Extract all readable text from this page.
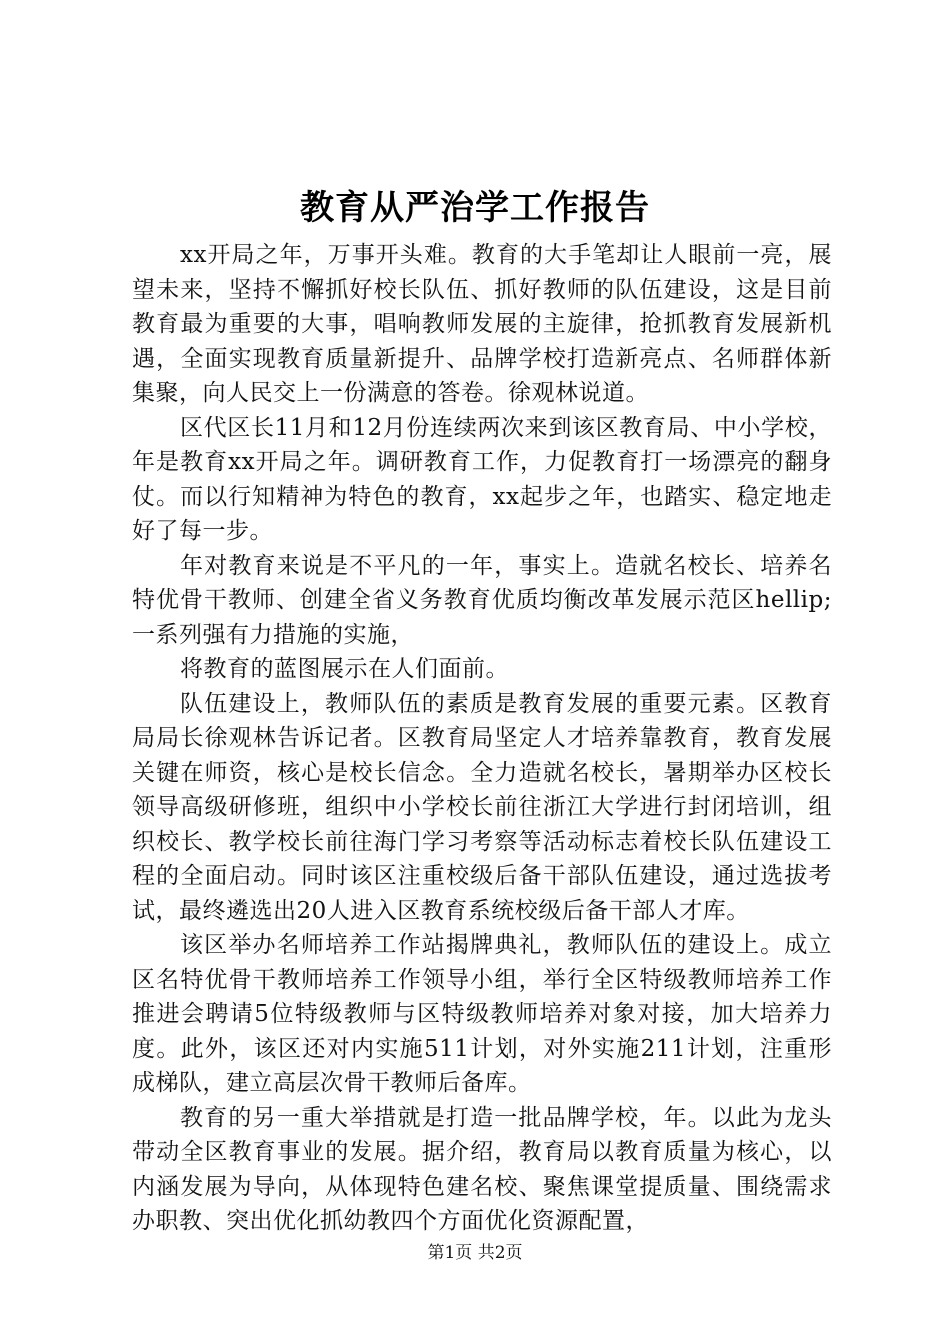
教育从严治学工作报告

xx开局之年，万事开头难。教育的大手笔却让人眼前一亮，展望未来，坚持不懈抓好校长队伍、抓好教师的队伍建设，这是目前教育最为重要的大事，唱响教师发展的主旋律，抢抓教育发展新机遇，全面实现教育质量新提升、品牌学校打造新亮点、名师群体新集聚，向人民交上一份满意的答卷。徐观林说道。

区代区长11月和12月份连续两次来到该区教育局、中小学校，年是教育xx开局之年。调研教育工作，力促教育打一场漂亮的翻身仗。而以行知精神为特色的教育，xx起步之年，也踏实、稳定地走好了每一步。

年对教育来说是不平凡的一年，事实上。造就名校长、培养名特优骨干教师、创建全省义务教育优质均衡改革发展示范区hellip;一系列强有力措施的实施，

将教育的蓝图展示在人们面前。

队伍建设上，教师队伍的素质是教育发展的重要元素。区教育局局长徐观林告诉记者。区教育局坚定人才培养靠教育，教育发展关键在师资，核心是校长信念。全力造就名校长，暑期举办区校长领导高级研修班，组织中小学校长前往浙江大学进行封闭培训，组织校长、教学校长前往海门学习考察等活动标志着校长队伍建设工程的全面启动。同时该区注重校级后备干部队伍建设，通过选拔考试，最终遴选出20人进入区教育系统校级后备干部人才库。

该区举办名师培养工作站揭牌典礼，教师队伍的建设上。成立区名特优骨干教师培养工作领导小组，举行全区特级教师培养工作推进会聘请5位特级教师与区特级教师培养对象对接，加大培养力度。此外，该区还对内实施511计划，对外实施211计划，注重形成梯队，建立高层次骨干教师后备库。

教育的另一重大举措就是打造一批品牌学校，年。以此为龙头带动全区教育事业的发展。据介绍，教育局以教育质量为核心，以内涵发展为导向，从体现特色建名校、聚焦课堂提质量、围绕需求办职教、突出优化抓幼教四个方面优化资源配置，

第1页 共2页
